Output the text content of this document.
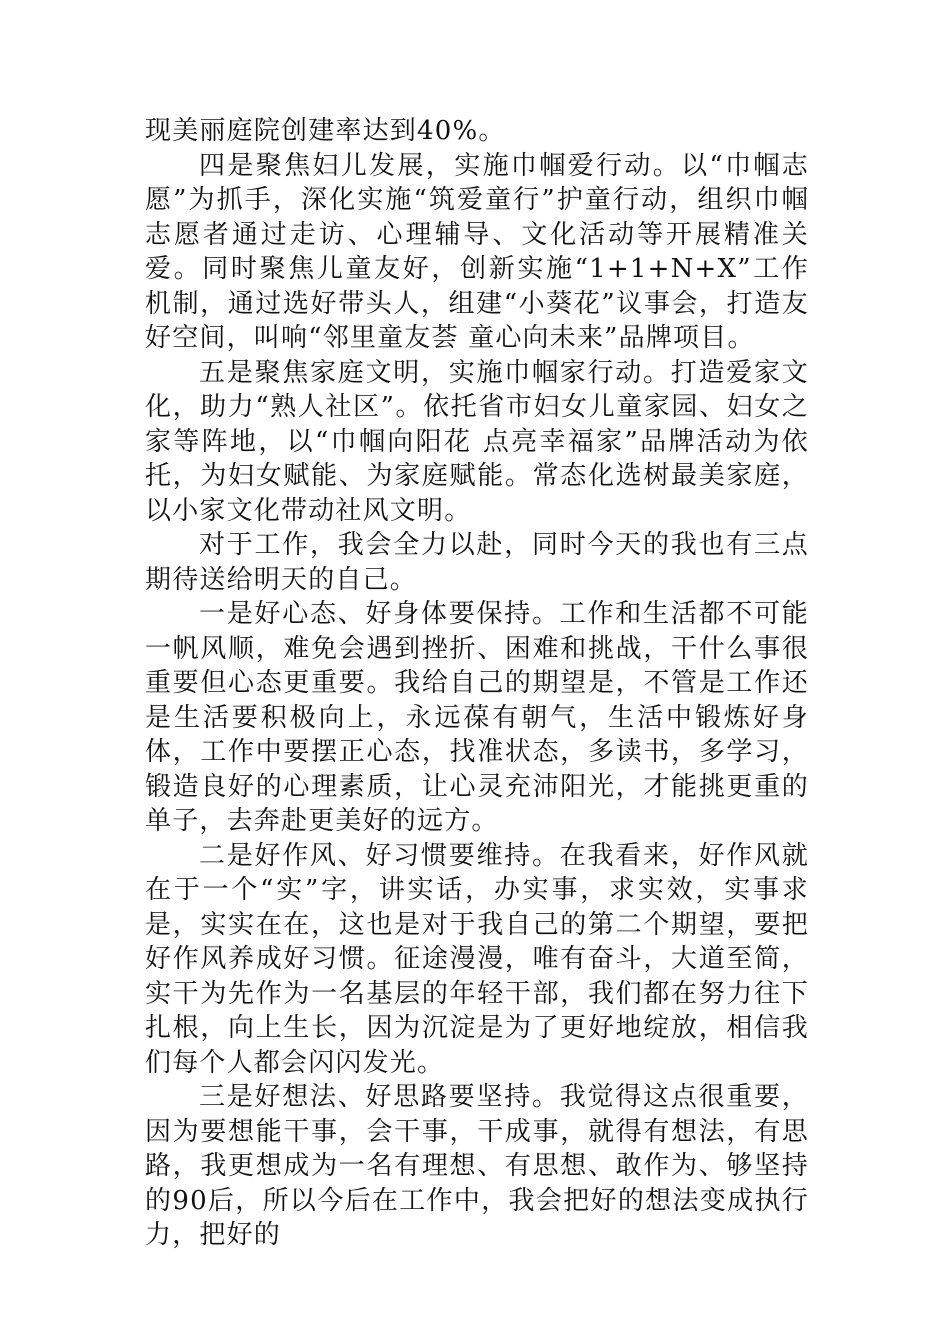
现美丽庭院创建率达到40%。

四是聚焦妇儿发展，实施巾帼爱行动。以“巾帼志愿”为抓手，深化实施“筑爱童行”护童行动，组织巾帼志愿者通过走访、心理辅导、文化活动等开展精准关爱。同时聚焦儿童友好，创新实施“1+1+N+X”工作机制，通过选好带头人，组建“小葵花”议事会，打造友好空间，叫响“邻里童友荟 童心向未来”品牌项目。

五是聚焦家庭文明，实施巾帼家行动。打造爱家文化，助力“熟人社区”。依托省市妇女儿童家园、妇女之家等阵地，以“巾帼向阳花 点亮幸福家”品牌活动为依托，为妇女赋能、为家庭赋能。常态化选树最美家庭，以小家文化带动社风文明。

对于工作，我会全力以赴，同时今天的我也有三点期待送给明天的自己。

一是好心态、好身体要保持。工作和生活都不可能一帆风顺，难免会遇到挫折、困难和挑战，干什么事很重要但心态更重要。我给自己的期望是，不管是工作还是生活要积极向上，永远葆有朝气，生活中锻炼好身体，工作中要摆正心态，找准状态，多读书，多学习，锻造良好的心理素质，让心灵充沛阳光，才能挑更重的单子，去奔赴更美好的远方。

二是好作风、好习惯要维持。在我看来，好作风就在于一个“实”字，讲实话，办实事，求实效，实事求是，实实在在，这也是对于我自己的第二个期望，要把好作风养成好习惯。征途漫漫，唯有奋斗，大道至简，实干为先作为一名基层的年轻干部，我们都在努力往下扎根，向上生长，因为沉淀是为了更好地绽放，相信我们每个人都会闪闪发光。

三是好想法、好思路要坚持。我觉得这点很重要，因为要想能干事，会干事，干成事，就得有想法，有思路，我更想成为一名有理想、有思想、敢作为、够坚持的90后，所以今后在工作中，我会把好的想法变成执行力，把好的
